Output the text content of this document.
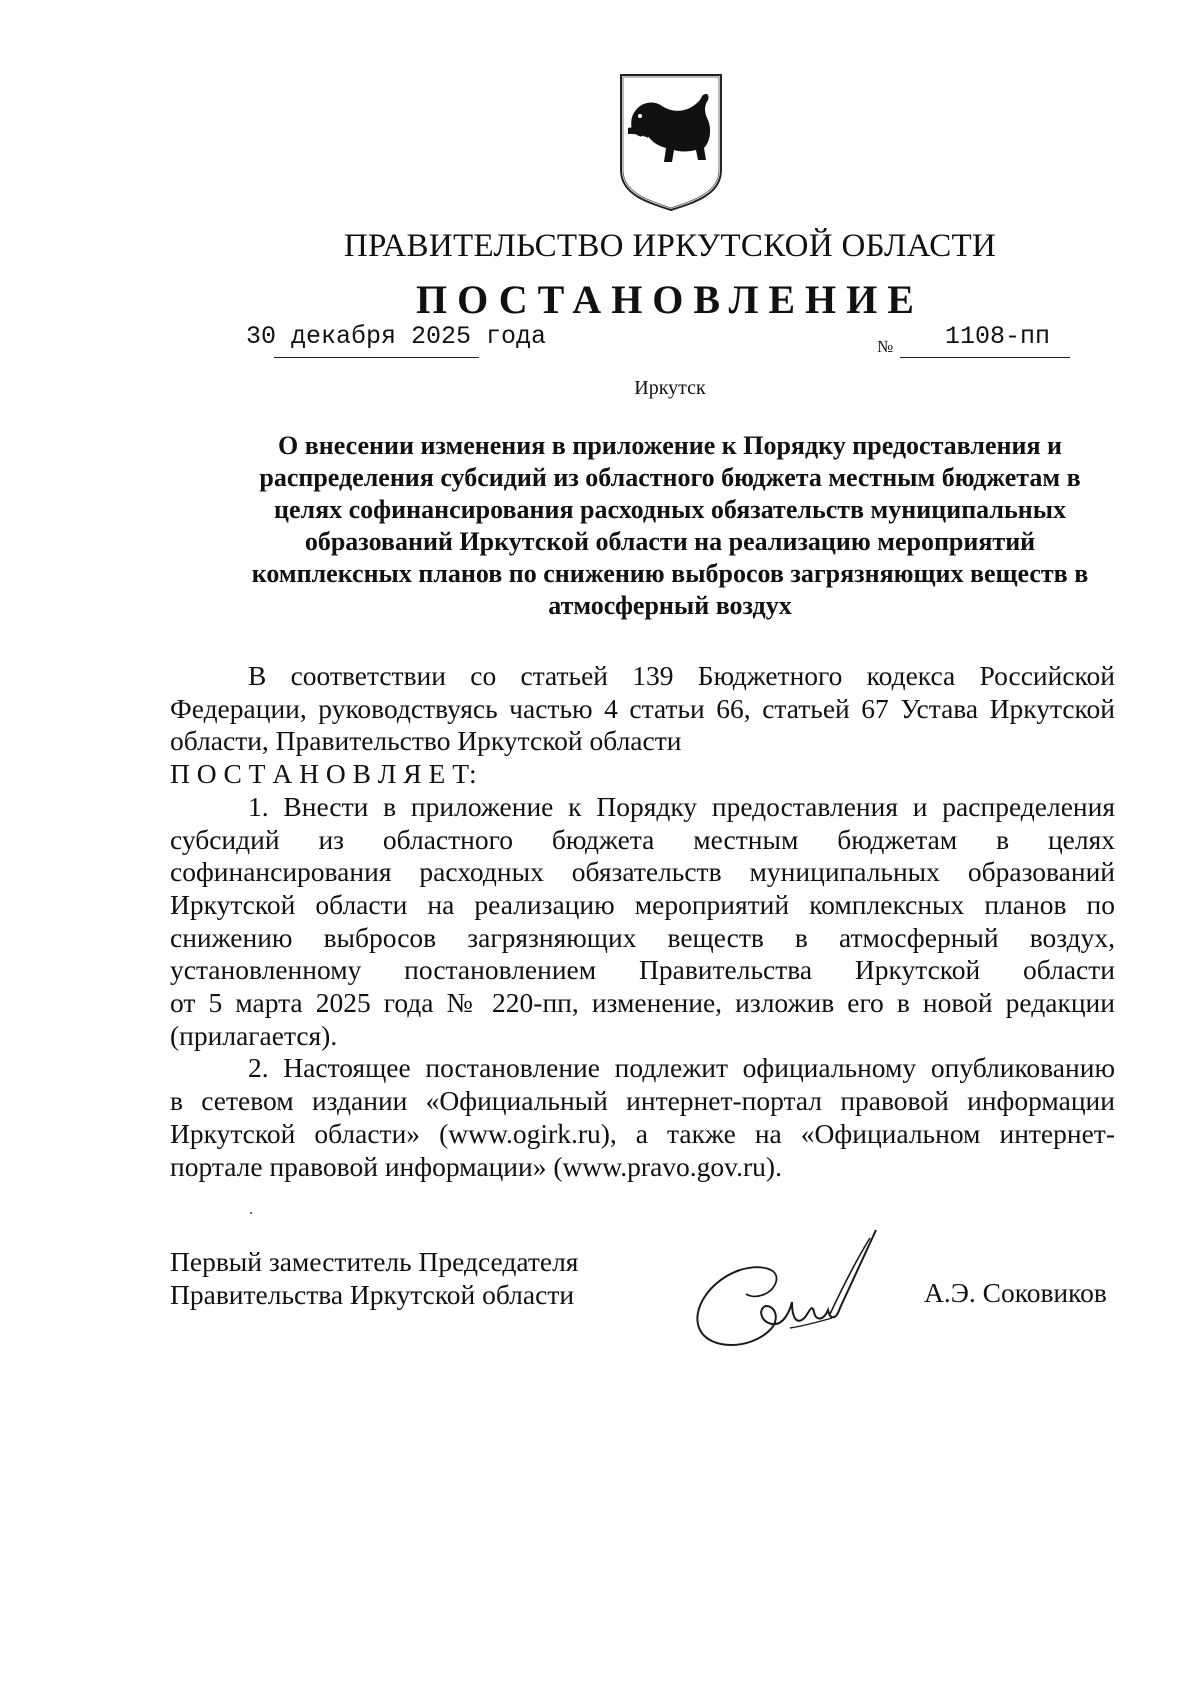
ПРАВИТЕЛЬСТВО ИРКУТСКОЙ ОБЛАСТИ
ПОСТАНОВЛЕНИЕ
30 декабря 2025 года	№ 1108-пп
Иркутск
О внесении изменения в приложение к Порядку предоставления и
распределения субсидий из областного бюджета местным бюджетам в
целях софинансирования расходных обязательств муниципальных
образований Иркутской области на реализацию мероприятий
комплексных планов по снижению выбросов загрязняющих веществ в
атмосферный воздух
В соответствии со статьей 139 Бюджетного кодекса Российской
Федерации, руководствуясь частью 4 статьи 66, статьей 67 Устава Иркутской
области, Правительство Иркутской области
П О С Т А Н О В Л Я Е Т:
1. Внести в приложение к Порядку предоставления и распределения
субсидий из областного бюджета местным бюджетам в целях
софинансирования расходных обязательств муниципальных образований
Иркутской области на реализацию мероприятий комплексных планов по
снижению выбросов загрязняющих веществ в атмосферный воздух,
установленному постановлением Правительства Иркутской области
от 5 марта 2025 года № 220-пп, изменение, изложив его в новой редакции
(прилагается).
2. Настоящее постановление подлежит официальному опубликованию
в сетевом издании «Официальный интернет-портал правовой информации
Иркутской области» (www.ogirk.ru), а также на «Официальном интернет-
портале правовой информации» (www.pravo.gov.ru).
Первый заместитель Председателя
Правительства Иркутской области	А.Э. Соковиков
